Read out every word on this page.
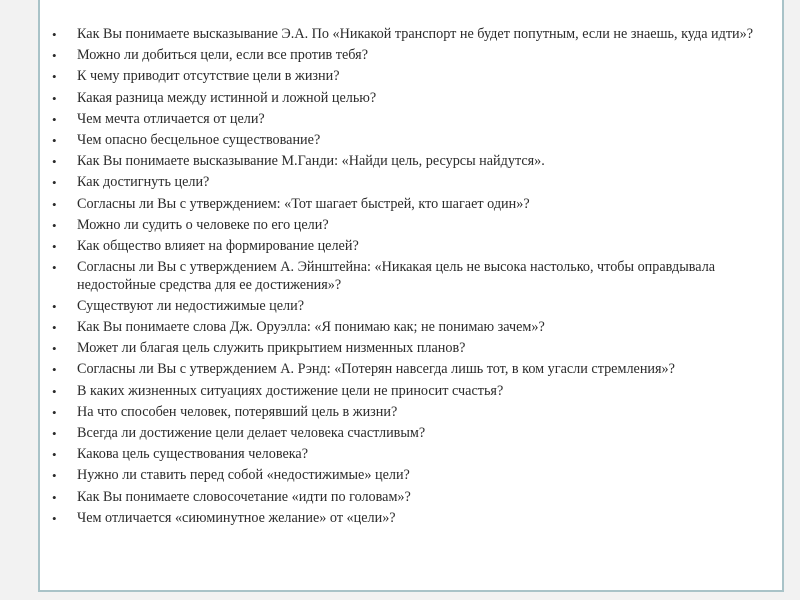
•	Как Вы понимаете высказывание Э.А. По «Никакой транспорт не будет попутным, если не знаешь, куда идти»?
•	Можно ли добиться цели, если все против тебя?
•	К чему приводит отсутствие цели в жизни?
•	Какая разница между истинной и ложной целью?
•	Чем мечта отличается от цели?
•	Чем опасно бесцельное существование?
•	Как Вы понимаете высказывание М.Ганди: «Найди цель, ресурсы найдутся».
•	Как достигнуть цели?
•	Согласны ли Вы с утверждением: «Тот шагает быстрей, кто шагает один»?
•	Можно ли судить о человеке по его цели?
•	Как общество влияет на формирование целей?
•	Согласны ли Вы с утверждением А. Эйнштейна: «Никакая цель не высока настолько, чтобы оправдывала недостойные средства для ее достижения»?
•	Существуют ли недостижимые цели?
•	Как Вы понимаете слова Дж. Оруэлла: «Я понимаю как; не понимаю зачем»?
•	Может ли благая цель служить прикрытием низменных планов?
•	Согласны ли Вы с утверждением А. Рэнд: «Потерян навсегда лишь тот, в ком угасли стремления»?
•	В каких жизненных ситуациях достижение цели не приносит счастья?
•	На что способен человек, потерявший цель в жизни?
•	Всегда ли достижение цели делает человека счастливым?
•	Какова цель существования человека?
•	Нужно ли ставить перед собой «недостижимые» цели?
•	Как Вы понимаете словосочетание «идти по головам»?
•	Чем отличается «сиюминутное желание» от «цели»?
